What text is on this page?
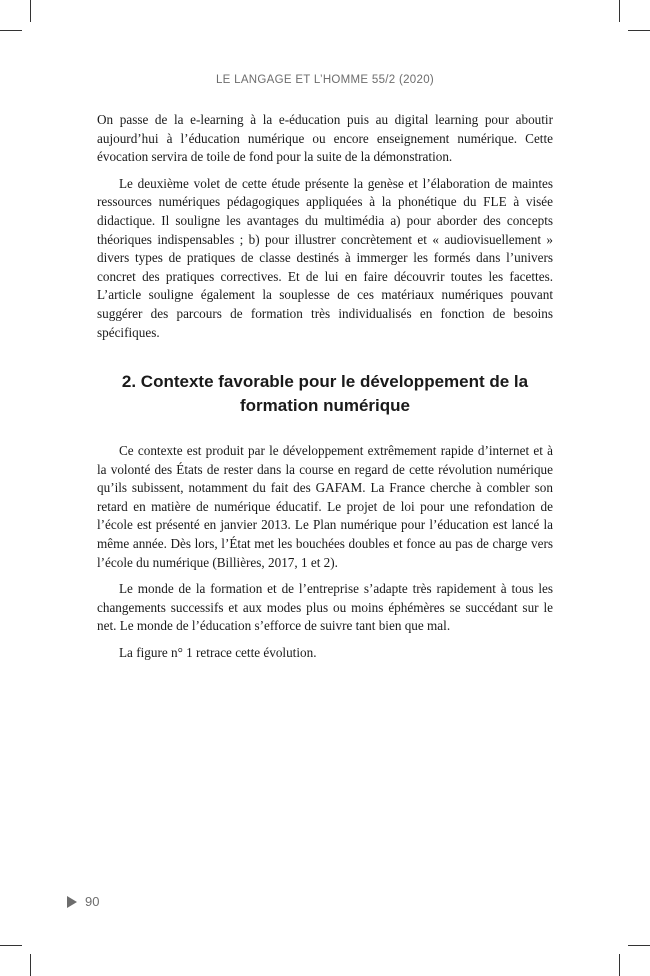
LE LANGAGE ET L’HOMME 55/2 (2020)

On passe de la e-learning à la e-éducation puis au digital learning pour aboutir aujourd’hui à l’éducation numérique ou encore enseignement numérique. Cette évocation servira de toile de fond pour la suite de la démonstration.

Le deuxième volet de cette étude présente la genèse et l’élaboration de maintes ressources numériques pédagogiques appliquées à la phonétique du FLE à visée didactique. Il souligne les avantages du multimédia a) pour aborder des concepts théoriques indispensables ; b) pour illustrer concrètement et « audiovisuellement » divers types de pratiques de classe destinés à immerger les formés dans l’univers concret des pratiques correctives. Et de lui en faire découvrir toutes les facettes. L’article souligne également la souplesse de ces matériaux numériques pouvant suggérer des parcours de formation très individualisés en fonction de besoins spécifiques.

2. Contexte favorable pour le développement de la formation numérique

Ce contexte est produit par le développement extrêmement rapide d’internet et à la volonté des États de rester dans la course en regard de cette révolution numérique qu’ils subissent, notamment du fait des GAFAM. La France cherche à combler son retard en matière de numérique éducatif. Le projet de loi pour une refondation de l’école est présenté en janvier 2013. Le Plan numérique pour l’éducation est lancé la même année. Dès lors, l’État met les bouchées doubles et fonce au pas de charge vers l’école du numérique (Billières, 2017, 1 et 2).

Le monde de la formation et de l’entreprise s’adapte très rapidement à tous les changements successifs et aux modes plus ou moins éphémères se succédant sur le net. Le monde de l’éducation s’efforce de suivre tant bien que mal.

La figure n° 1 retrace cette évolution.

90
